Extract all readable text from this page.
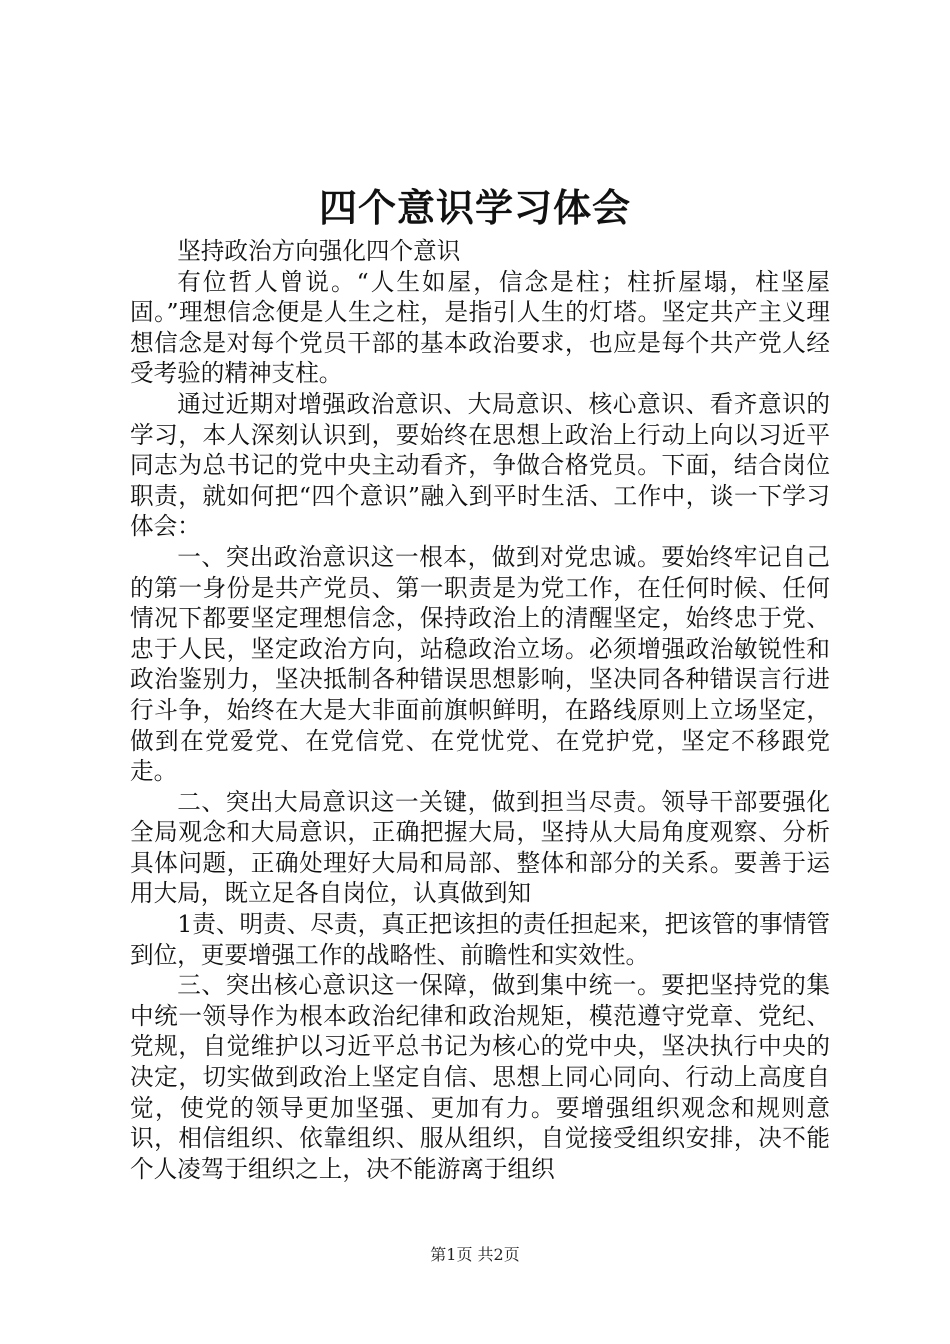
四个意识学习体会

坚持政治方向强化四个意识

有位哲人曾说。“人生如屋，信念是柱；柱折屋塌，柱坚屋固。”理想信念便是人生之柱，是指引人生的灯塔。坚定共产主义理想信念是对每个党员干部的基本政治要求，也应是每个共产党人经受考验的精神支柱。

通过近期对增强政治意识、大局意识、核心意识、看齐意识的学习，本人深刻认识到，要始终在思想上政治上行动上向以习近平同志为总书记的党中央主动看齐，争做合格党员。下面，结合岗位职责，就如何把“四个意识”融入到平时生活、工作中，谈一下学习体会：

一、突出政治意识这一根本，做到对党忠诚。要始终牢记自己的第一身份是共产党员、第一职责是为党工作，在任何时候、任何情况下都要坚定理想信念，保持政治上的清醒坚定，始终忠于党、忠于人民，坚定政治方向，站稳政治立场。必须增强政治敏锐性和政治鉴别力，坚决抵制各种错误思想影响，坚决同各种错误言行进行斗争，始终在大是大非面前旗帜鲜明，在路线原则上立场坚定，做到在党爱党、在党信党、在党忧党、在党护党，坚定不移跟党走。

二、突出大局意识这一关键，做到担当尽责。领导干部要强化全局观念和大局意识，正确把握大局，坚持从大局角度观察、分析具体问题，正确处理好大局和局部、整体和部分的关系。要善于运用大局，既立足各自岗位，认真做到知

1责、明责、尽责，真正把该担的责任担起来，把该管的事情管到位，更要增强工作的战略性、前瞻性和实效性。

三、突出核心意识这一保障，做到集中统一。要把坚持党的集中统一领导作为根本政治纪律和政治规矩，模范遵守党章、党纪、党规，自觉维护以习近平总书记为核心的党中央，坚决执行中央的决定，切实做到政治上坚定自信、思想上同心同向、行动上高度自觉，使党的领导更加坚强、更加有力。要增强组织观念和规则意识，相信组织、依靠组织、服从组织，自觉接受组织安排，决不能个人凌驾于组织之上，决不能游离于组织

第1页 共2页
